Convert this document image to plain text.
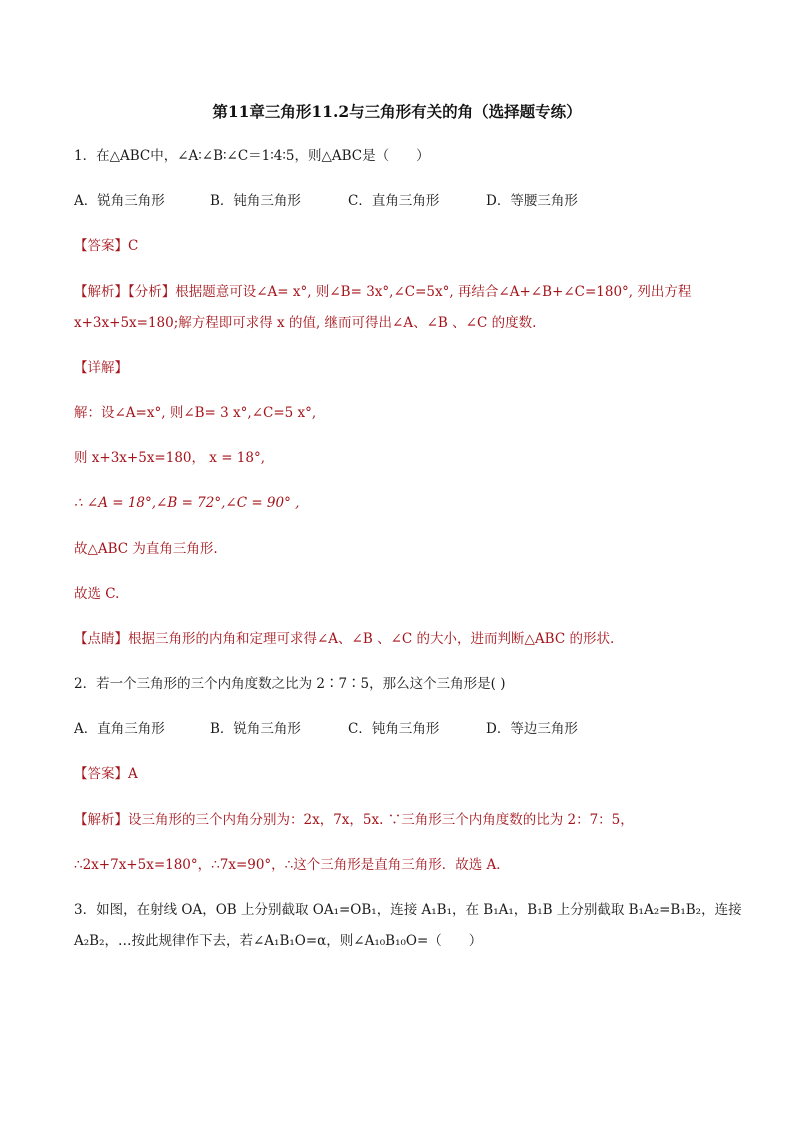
第11章三角形11.2与三角形有关的角（选择题专练）
1．在△ABC中，∠A∶∠B∶∠C＝1∶4∶5，则△ABC是（　　）
A．锐角三角形	B．钝角三角形	C．直角三角形	D．等腰三角形
【答案】C
【解析】【分析】根据题意可设∠A= x°, 则∠B= 3x°,∠C=5x°, 再结合∠A+∠B+∠C=180°, 列出方程
x+3x+5x=180;解方程即可求得 x 的值, 继而可得出∠A、∠B 、∠C 的度数.
【详解】
解：设∠A=x°, 则∠B= 3 x°,∠C=5 x°,
则 x+3x+5x=180， x = 18°,
∴ ∠A = 18°,∠B = 72°,∠C = 90° ,
故△ABC 为直角三角形.
故选 C.
【点睛】根据三角形的内角和定理可求得∠A、∠B 、∠C 的大小，进而判断△ABC 的形状.
2．若一个三角形的三个内角度数之比为 2∶7∶5，那么这个三角形是( )
A．直角三角形	B．锐角三角形	C．钝角三角形	D．等边三角形
【答案】A
【解析】设三角形的三个内角分别为：2x，7x，5x. ∵三角形三个内角度数的比为 2：7：5，
∴2x+7x+5x=180°，∴7x=90°，∴这个三角形是直角三角形．故选 A．
3．如图，在射线 OA，OB 上分别截取 OA₁=OB₁，连接 A₁B₁，在 B₁A₁，B₁B 上分别截取 B₁A₂=B₁B₂，连接
A₂B₂，…按此规律作下去，若∠A₁B₁O=α，则∠A₁₀B₁₀O=（　　）
